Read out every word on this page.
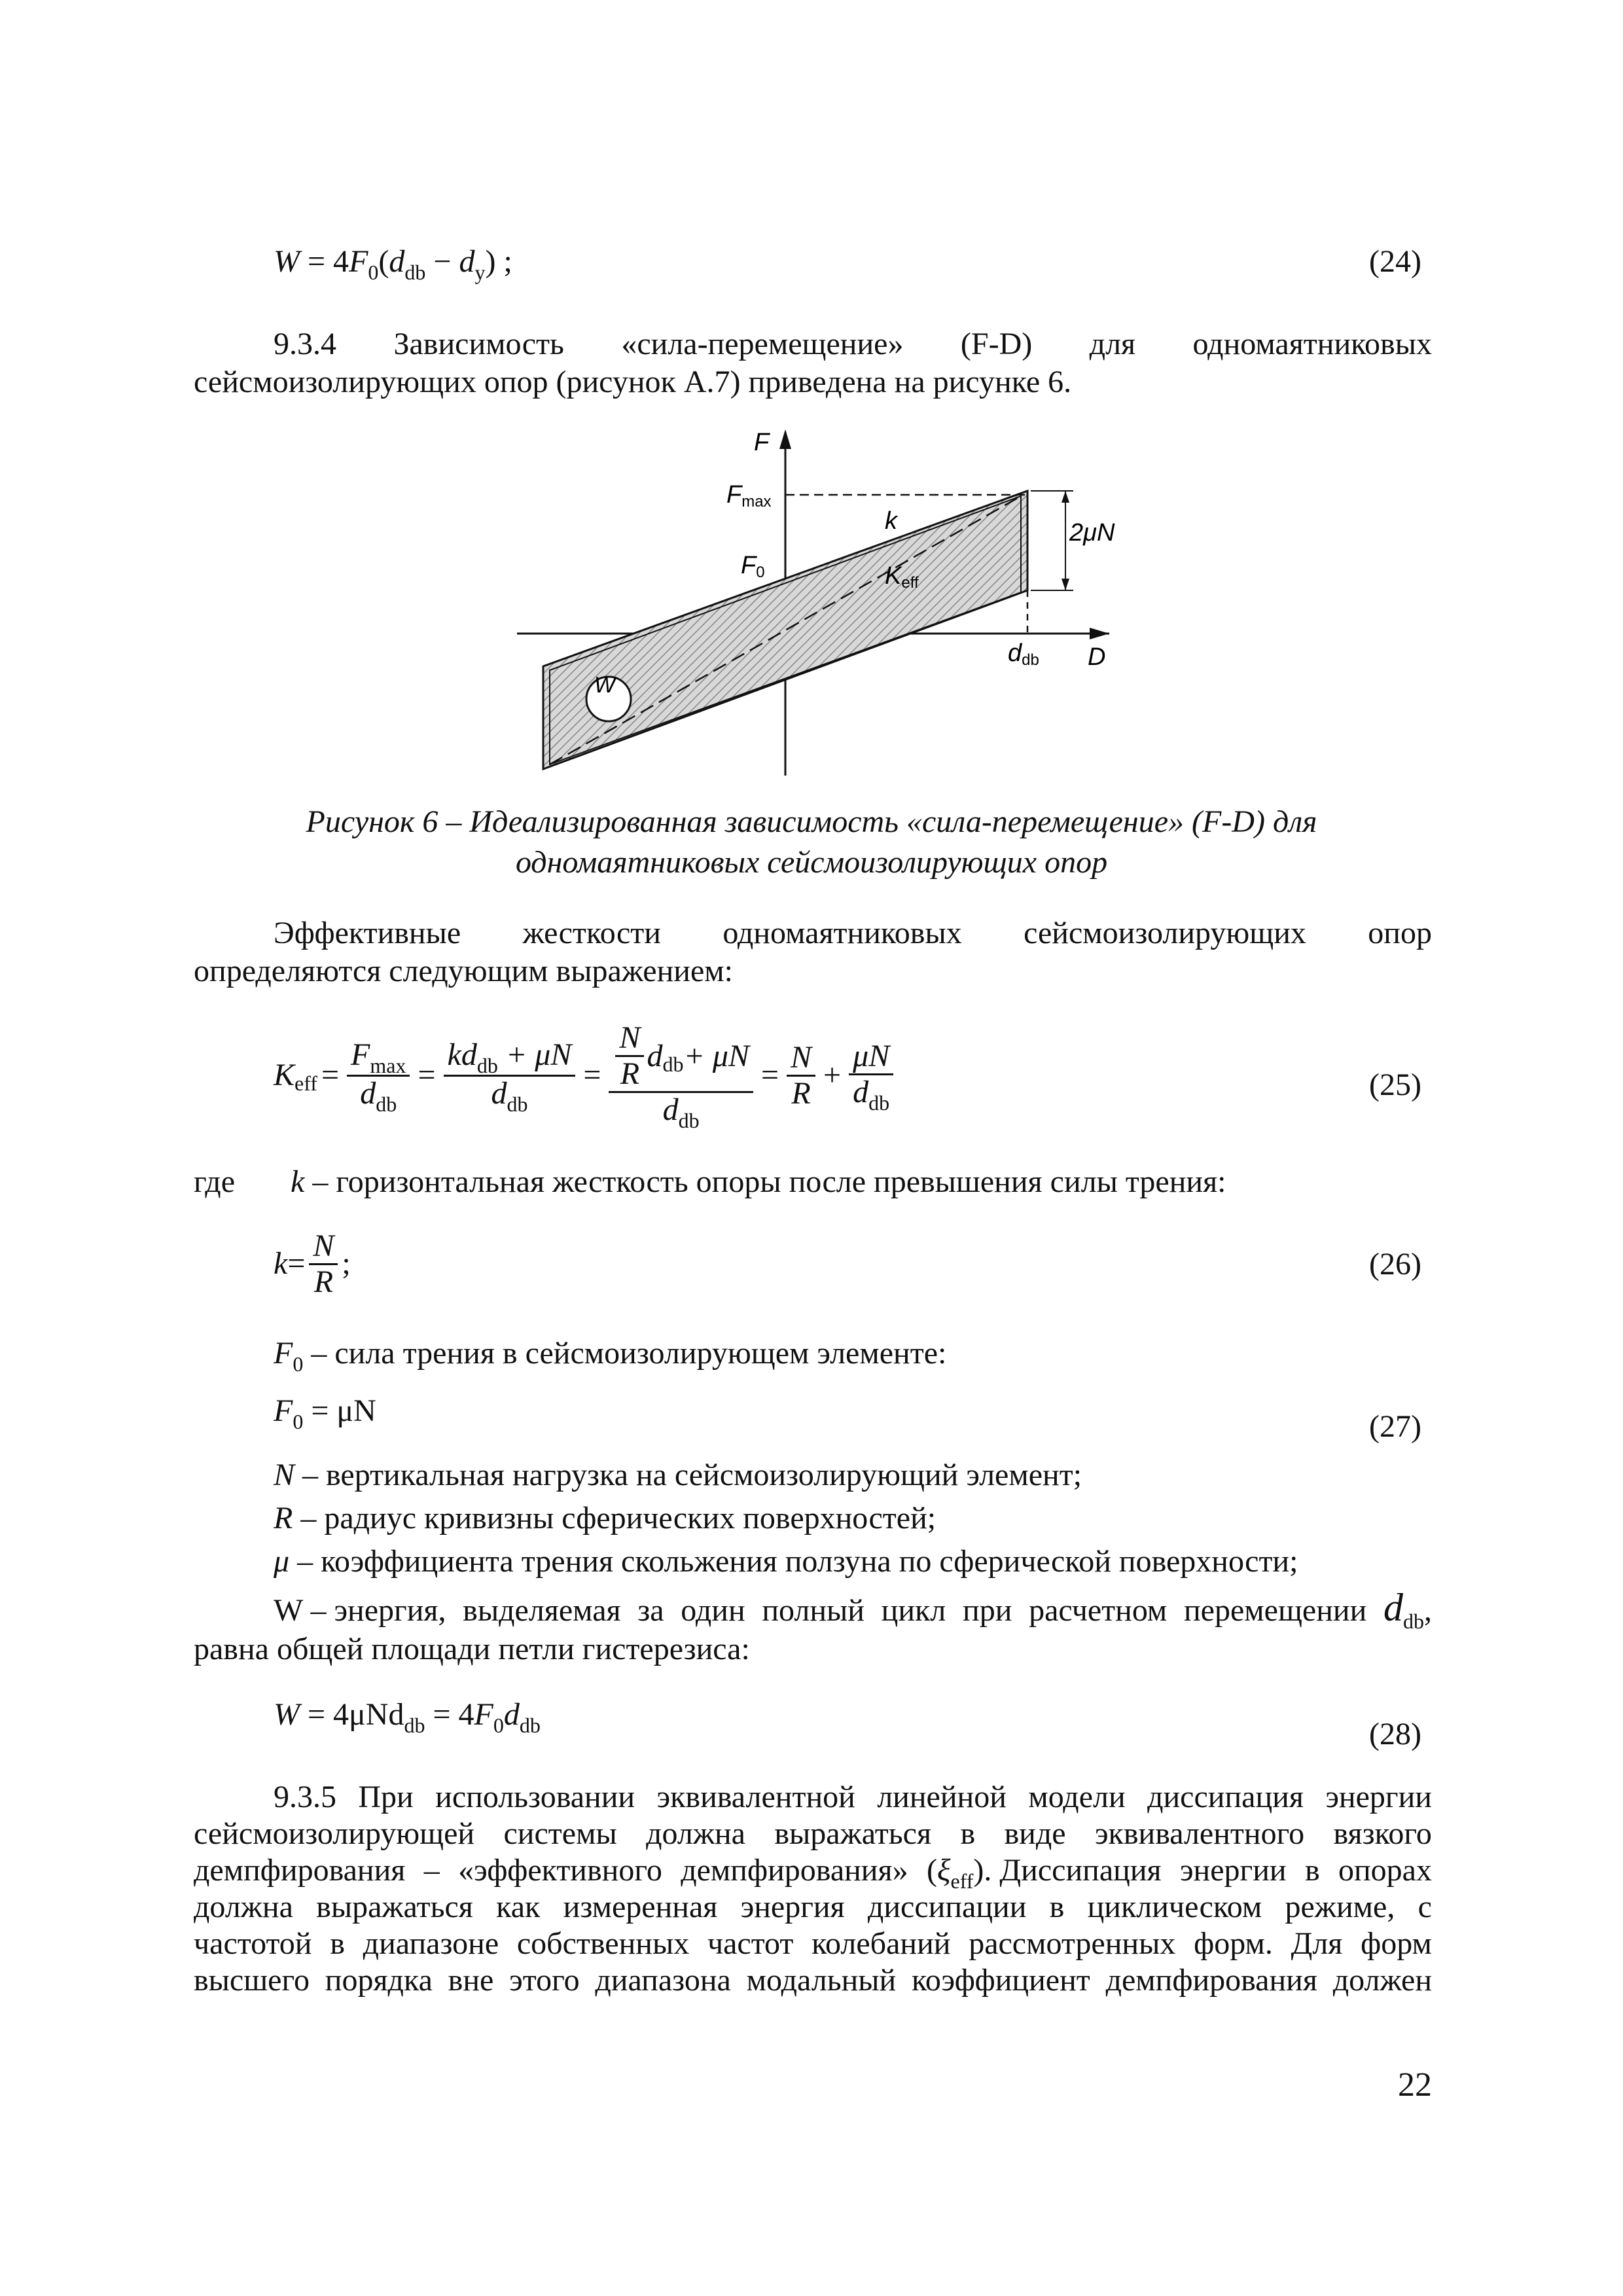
$W = 4F_0(d_{db} - d_y)$ ;	(24)
9.3.4 Зависимость «сила-перемещение» (F-D) для одномаятниковых
сейсмоизолирующих опор (рисунок А.7) приведена на рисунке 6.
F
Fmax
k
F0	Keff
2μN
ddb D
W
Рисунок 6 – Идеализированная зависимость «сила-перемещение» (F-D) для
одномаятниковых сейсмоизолирующих опор
Эффективные жесткости одномаятниковых сейсмоизолирующих опор
определяются следующим выражением:
K eff = $\frac{F_{max}}{d_{db}} = \frac{kd_{db} + \mu N}{d_{db}} = \frac{\frac{N}{R} d db + \mu N}{d_{db}} = \frac{N}{R} + \frac{\mu N}{d_{db}}$	(25)
где k – горизонтальная жесткость опоры после превышения силы трения:
$k = \frac{N}{R}$ ;	(26)
$F_0$ – сила трения в сейсмоизолирующем элементе:
$F_0 = \mu N$	(27)
N – вертикальная нагрузка на сейсмоизолирующий элемент;
R – радиус кривизны сферических поверхностей;
μ – коэффициента трения скольжения ползуна по сферической поверхности;
W – энергия, выделяемая за один полный цикл при расчетном перемещении $d_{db}$,
равна общей площади петли гистерезиса:
$W = 4\mu Nd_{db} = 4F_0d_{db}$	(28)
9.3.5 При использовании эквивалентной линейной модели диссипация энергии
сейсмоизолирующей системы должна выражаться в виде эквивалентного вязкого
демпфирования – «эффективного демпфирования» $(\xi_{eff})$. Диссипация энергии в опорах
должна выражаться как измеренная энергия диссипации в циклическом режиме, с
частотой в диапазоне собственных частот колебаний рассмотренных форм. Для форм
высшего порядка вне этого диапазона модальный коэффициент демпфирования должен
22
